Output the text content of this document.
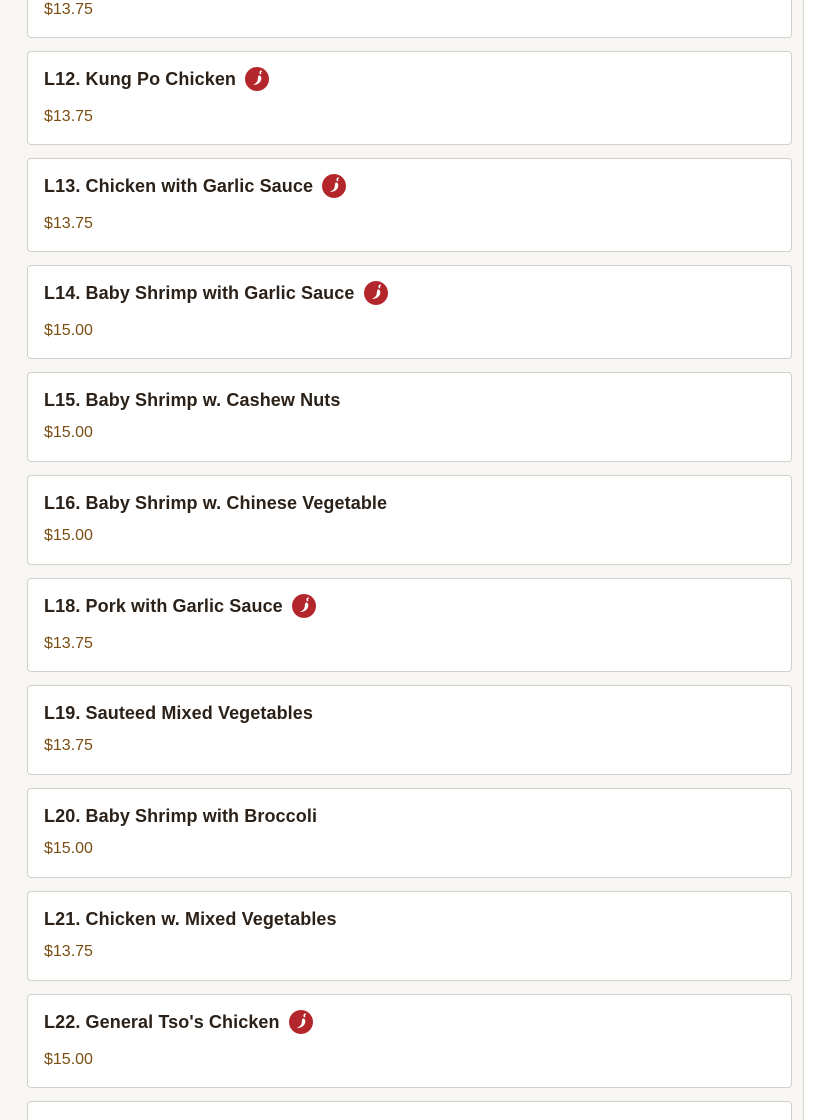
$13.75
L12. Kung Po Chicken
$13.75
L13. Chicken with Garlic Sauce
$13.75
L14. Baby Shrimp with Garlic Sauce
$15.00
L15. Baby Shrimp w. Cashew Nuts
$15.00
L16. Baby Shrimp w. Chinese Vegetable
$15.00
L18. Pork with Garlic Sauce
$13.75
L19. Sauteed Mixed Vegetables
$13.75
L20. Baby Shrimp with Broccoli
$15.00
L21. Chicken w. Mixed Vegetables
$13.75
L22. General Tso's Chicken
$15.00
